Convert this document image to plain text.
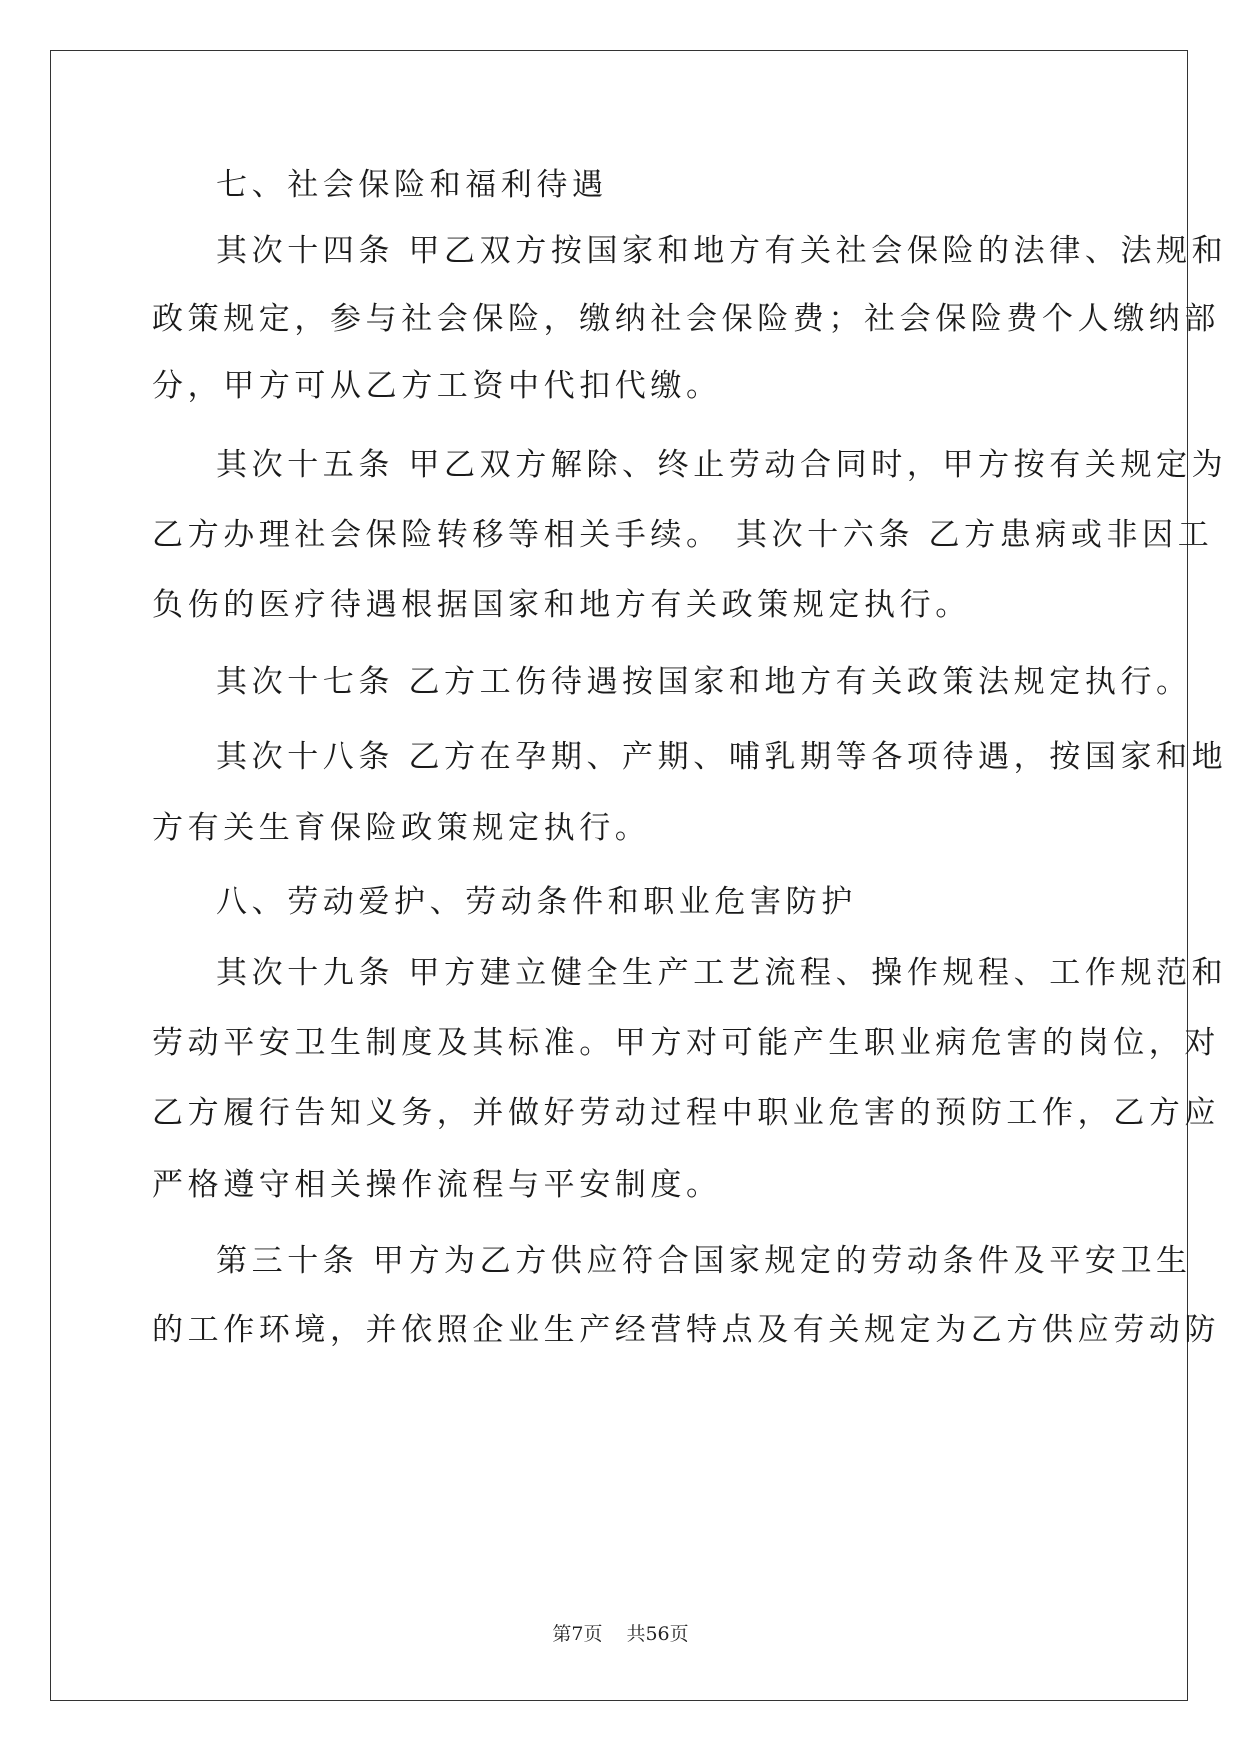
七、社会保险和福利待遇
其次十四条 甲乙双方按国家和地方有关社会保险的法律、法规和
政策规定，参与社会保险，缴纳社会保险费；社会保险费个人缴纳部
分，甲方可从乙方工资中代扣代缴。
其次十五条 甲乙双方解除、终止劳动合同时，甲方按有关规定为
乙方办理社会保险转移等相关手续。 其次十六条 乙方患病或非因工
负伤的医疗待遇根据国家和地方有关政策规定执行。
其次十七条 乙方工伤待遇按国家和地方有关政策法规定执行。
其次十八条 乙方在孕期、产期、哺乳期等各项待遇，按国家和地
方有关生育保险政策规定执行。
八、劳动爱护、劳动条件和职业危害防护
其次十九条 甲方建立健全生产工艺流程、操作规程、工作规范和
劳动平安卫生制度及其标准。甲方对可能产生职业病危害的岗位，对
乙方履行告知义务，并做好劳动过程中职业危害的预防工作，乙方应
严格遵守相关操作流程与平安制度。
第三十条 甲方为乙方供应符合国家规定的劳动条件及平安卫生
的工作环境，并依照企业生产经营特点及有关规定为乙方供应劳动防
第7页 共56页
